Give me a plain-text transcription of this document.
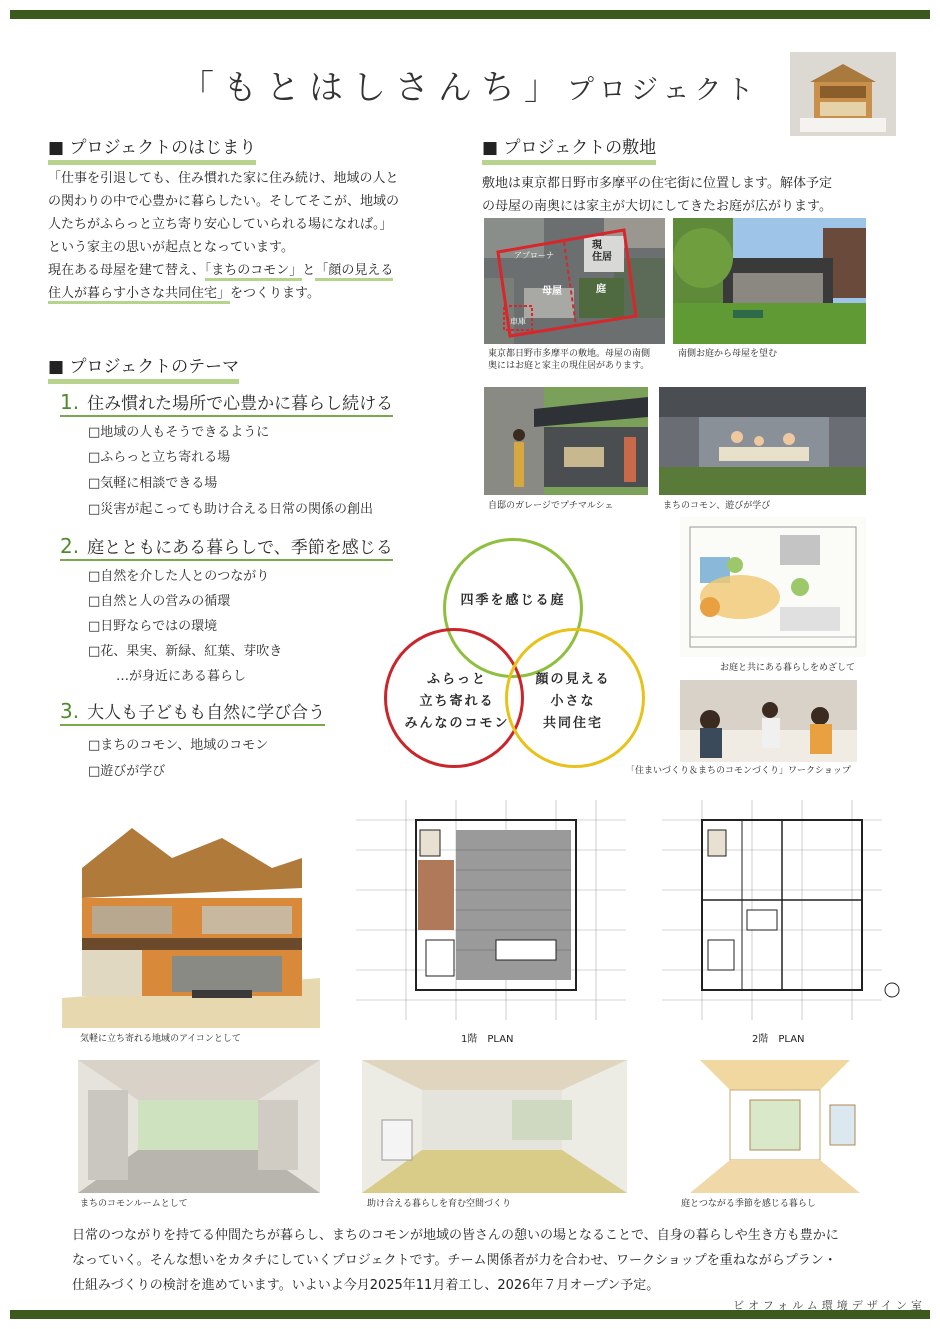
「もとはしさんち」プロジェクト
■ プロジェクトのはじまり
「仕事を引退しても、住み慣れた家に住み続け、地域の人と
の関わりの中で心豊かに暮らしたい。そしてそこが、地域の
人たちがふらっと立ち寄り安心していられる場になれば。」
という家主の思いが起点となっています。
現在ある母屋を建て替え、「まちのコモン」と「顔の見える
住人が暮らす小さな共同住宅」をつくります。
■ プロジェクトの敷地
敷地は東京都日野市多摩平の住宅街に位置します。解体予定
の母屋の南奥には家主が大切にしてきたお庭が広がります。
アプローナ
現
住居
母屋	庭
車庫
東京都日野市多摩平の敷地。母屋の南側
奥にはお庭と家主の現住居があります。
南側お庭から母屋を望む
自邸のガレージでプチマルシェ	まちのコモン、遊びが学び
お庭と共にある暮らしをめざして
「住まいづくり＆まちのコモンづくり」ワークショップ
■ プロジェクトのテーマ
1. 住み慣れた場所で心豊かに暮らし続ける
□地域の人もそうできるように
□ふらっと立ち寄れる場
□気軽に相談できる場
□災害が起こっても助け合える日常の関係の創出
2. 庭とともにある暮らしで、季節を感じる
□自然を介した人とのつながり
□自然と人の営みの循環
□日野ならではの環境
□花、果実、新緑、紅葉、芽吹き
…が身近にある暮らし
3. 大人も子どもも自然に学び合う
□まちのコモン、地域のコモン
□遊びが学び
四季を感じる庭
ふらっと
立ち寄れる
みんなのコモン
顔の見える
小さな
共同住宅
気軽に立ち寄れる地域のアイコンとして	1階　PLAN	2階　PLAN
まちのコモンルームとして	助け合える暮らしを育む空間づくり	庭とつながる季節を感じる暮らし
日常のつながりを持てる仲間たちが暮らし、まちのコモンが地域の皆さんの憩いの場となることで、自身の暮らしや生き方も豊かに
なっていく。そんな想いをカタチにしていくプロジェクトです。チーム関係者が力を合わせ、ワークショップを重ねながらプラン・
仕組みづくりの検討を進めています。いよいよ今月2025年11月着工し、2026年７月オープン予定。
ビオフォルム環境デザイン室
